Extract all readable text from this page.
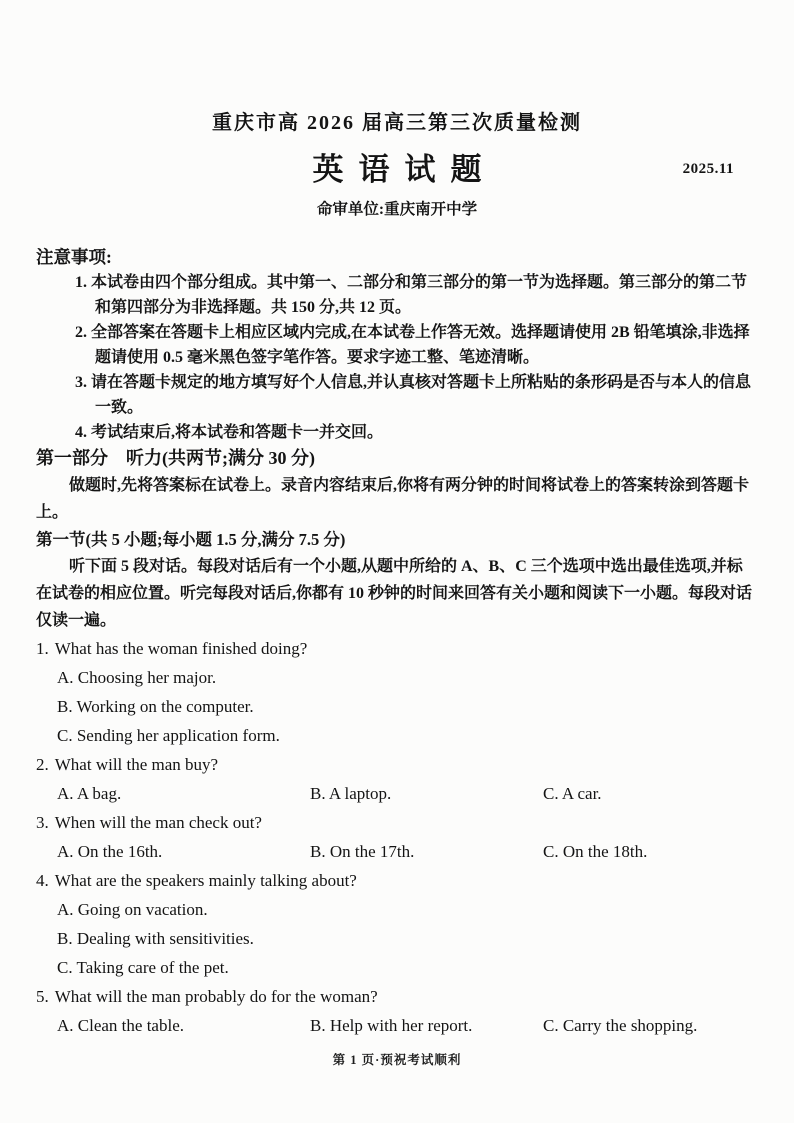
重庆市高 2026 届高三第三次质量检测
英语试题	2025.11
命审单位:重庆南开中学
注意事项:
1. 本试卷由四个部分组成。其中第一、二部分和第三部分的第一节为选择题。第三部分的第二节和第四部分为非选择题。共 150 分,共 12 页。
2. 全部答案在答题卡上相应区域内完成,在本试卷上作答无效。选择题请使用 2B 铅笔填涂,非选择题请使用 0.5 毫米黑色签字笔作答。要求字迹工整、笔迹清晰。
3. 请在答题卡规定的地方填写好个人信息,并认真核对答题卡上所粘贴的条形码是否与本人的信息一致。
4. 考试结束后,将本试卷和答题卡一并交回。
第一部分　听力(共两节;满分 30 分)

做题时,先将答案标在试卷上。录音内容结束后,你将有两分钟的时间将试卷上的答案转涂到答题卡上。

第一节(共 5 小题;每小题 1.5 分,满分 7.5 分)

听下面 5 段对话。每段对话后有一个小题,从题中所给的 A、B、C 三个选项中选出最佳选项,并标在试卷的相应位置。听完每段对话后,你都有 10 秒钟的时间来回答有关小题和阅读下一小题。每段对话仅读一遍。

1. What has the woman finished doing?
A. Choosing her major.
B. Working on the computer.
C. Sending her application form.
2. What will the man buy?
A. A bag.	B. A laptop.	C. A car.
3. When will the man check out?
A. On the 16th.	B. On the 17th.	C. On the 18th.
4. What are the speakers mainly talking about?
A. Going on vacation.
B. Dealing with sensitivities.
C. Taking care of the pet.
5. What will the man probably do for the woman?
A. Clean the table.	B. Help with her report.	C. Carry the shopping.
第 1 页·预祝考试顺利
